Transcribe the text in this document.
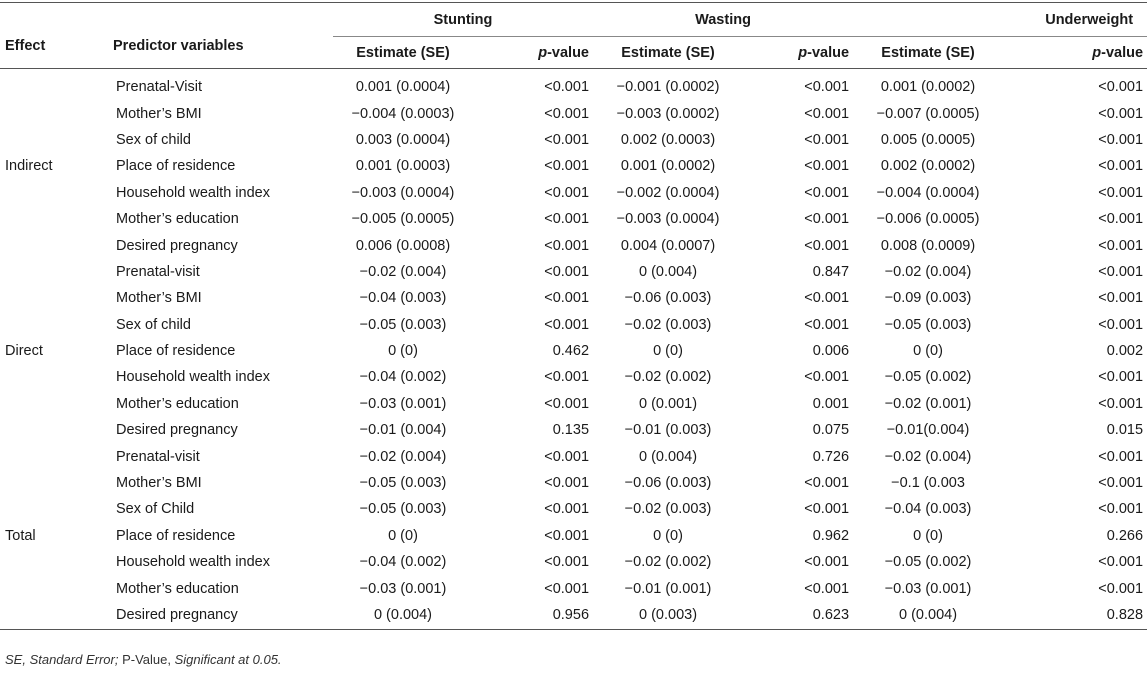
Effect	Predictor variables	Stunting		Wasting		Underweight	
		Estimate (SE)	p-value	Estimate (SE)	p-value	Estimate (SE)	p-value
	Prenatal-Visit	0.001 (0.0004)	<0.001	−0.001 (0.0002)	<0.001	0.001 (0.0002)	<0.001
	Mother’s BMI	−0.004 (0.0003)	<0.001	−0.003 (0.0002)	<0.001	−0.007 (0.0005)	<0.001
	Sex of child	0.003 (0.0004)	<0.001	0.002 (0.0003)	<0.001	0.005 (0.0005)	<0.001
Indirect	Place of residence	0.001 (0.0003)	<0.001	0.001 (0.0002)	<0.001	0.002 (0.0002)	<0.001
	Household wealth index	−0.003 (0.0004)	<0.001	−0.002 (0.0004)	<0.001	−0.004 (0.0004)	<0.001
	Mother’s education	−0.005 (0.0005)	<0.001	−0.003 (0.0004)	<0.001	−0.006 (0.0005)	<0.001
	Desired pregnancy	0.006 (0.0008)	<0.001	0.004 (0.0007)	<0.001	0.008 (0.0009)	<0.001
	Prenatal-visit	−0.02 (0.004)	<0.001	0 (0.004)	0.847	−0.02 (0.004)	<0.001
	Mother’s BMI	−0.04 (0.003)	<0.001	−0.06 (0.003)	<0.001	−0.09 (0.003)	<0.001
	Sex of child	−0.05 (0.003)	<0.001	−0.02 (0.003)	<0.001	−0.05 (0.003)	<0.001
Direct	Place of residence	0 (0)	0.462	0 (0)	0.006	0 (0)	0.002
	Household wealth index	−0.04 (0.002)	<0.001	−0.02 (0.002)	<0.001	−0.05 (0.002)	<0.001
	Mother’s education	−0.03 (0.001)	<0.001	0 (0.001)	0.001	−0.02 (0.001)	<0.001
	Desired pregnancy	−0.01 (0.004)	0.135	−0.01 (0.003)	0.075	−0.01(0.004)	0.015
	Prenatal-visit	−0.02 (0.004)	<0.001	0 (0.004)	0.726	−0.02 (0.004)	<0.001
	Mother’s BMI	−0.05 (0.003)	<0.001	−0.06 (0.003)	<0.001	−0.1 (0.003	<0.001
	Sex of Child	−0.05 (0.003)	<0.001	−0.02 (0.003)	<0.001	−0.04 (0.003)	<0.001
Total	Place of residence	0 (0)	<0.001	0 (0)	0.962	0 (0)	0.266
	Household wealth index	−0.04 (0.002)	<0.001	−0.02 (0.002)	<0.001	−0.05 (0.002)	<0.001
	Mother’s education	−0.03 (0.001)	<0.001	−0.01 (0.001)	<0.001	−0.03 (0.001)	<0.001
	Desired pregnancy	0 (0.004)	0.956	0 (0.003)	0.623	0 (0.004)	0.828
SE, Standard Error; P-Value, Significant at 0.05.
